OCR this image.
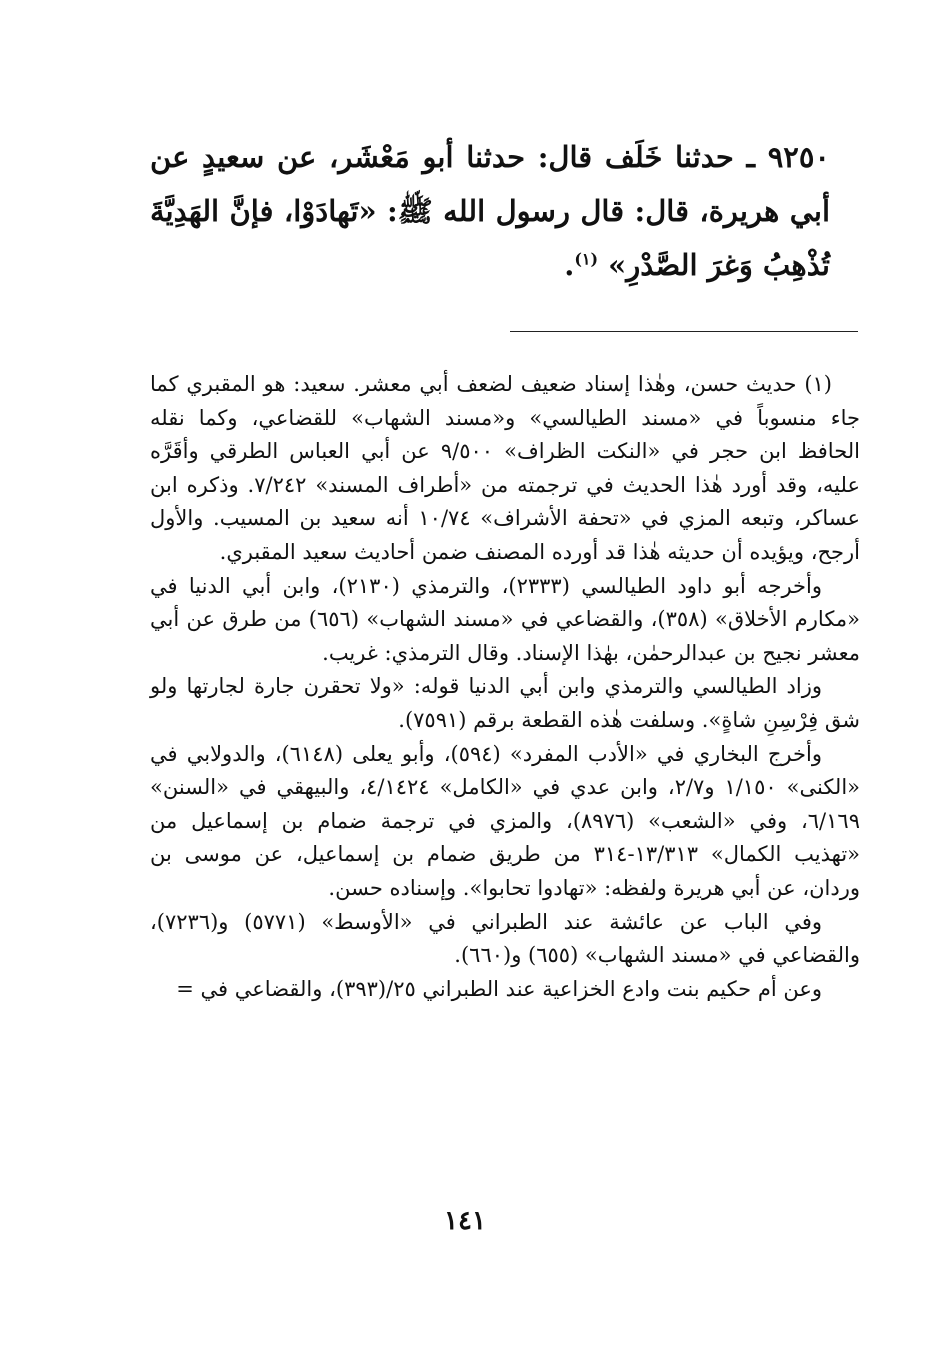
٩٢٥٠ ـ حدثنا خَلَف قال: حدثنا أبو مَعْشَر، عن سعيدٍ عن أبي هريرة، قال: قال رسول الله ﷺ: «تَهادَوْا، فإنَّ الهَدِيَّةَ تُذْهِبُ وَغرَ الصَّدْرِ» $^{(١)}$.

(١) حديث حسن، وهٰذا إسناد ضعيف لضعف أبي معشر. سعيد: هو المقبري كما جاء منسوباً في «مسند الطيالسي» و«مسند الشهاب» للقضاعي، وكما نقله الحافظ ابن حجر في «النكت الظراف» ٩/٥٠٠ عن أبي العباس الطرقي وأقَرَّه عليه، وقد أورد هٰذا الحديث في ترجمته من «أطراف المسند» ٧/٢٤٢. وذكره ابن عساكر، وتبعه المزي في «تحفة الأشراف» ١٠/٧٤ أنه سعيد بن المسيب. والأول أرجح، ويؤيده أن حديثه هٰذا قد أورده المصنف ضمن أحاديث سعيد المقبري.

وأخرجه أبو داود الطيالسي (٢٣٣٣)، والترمذي (٢١٣٠)، وابن أبي الدنيا في «مكارم الأخلاق» (٣٥٨)، والقضاعي في «مسند الشهاب» (٦٥٦) من طرق عن أبي معشر نجيح بن عبدالرحمٰن، بهٰذا الإسناد. وقال الترمذي: غريب.

وزاد الطيالسي والترمذي وابن أبي الدنيا قوله: «ولا تحقرن جارة لجارتها ولو شق فِرْسِنِ شاةٍ». وسلفت هٰذه القطعة برقم (٧٥٩١).

وأخرج البخاري في «الأدب المفرد» (٥٩٤)، وأبو يعلى (٦١٤٨)، والدولابي في «الكنى» ١/١٥٠ و٢/٧، وابن عدي في «الكامل» ٤/١٤٢٤، والبيهقي في «السنن» ٦/١٦٩، وفي «الشعب» (٨٩٧٦)، والمزي في ترجمة ضمام بن إسماعيل من «تهذيب الكمال» ١٣/٣١٣-٣١٤ من طريق ضمام بن إسماعيل، عن موسى بن وردان، عن أبي هريرة ولفظه: «تهادوا تحابوا». وإسناده حسن.

وفي الباب عن عائشة عند الطبراني في «الأوسط» (٥٧٧١) و(٧٢٣٦)، والقضاعي في «مسند الشهاب» (٦٥٥) و(٦٦٠).

وعن أم حكيم بنت وادع الخزاعية عند الطبراني ٢٥/(٣٩٣)، والقضاعي في =

١٤١
